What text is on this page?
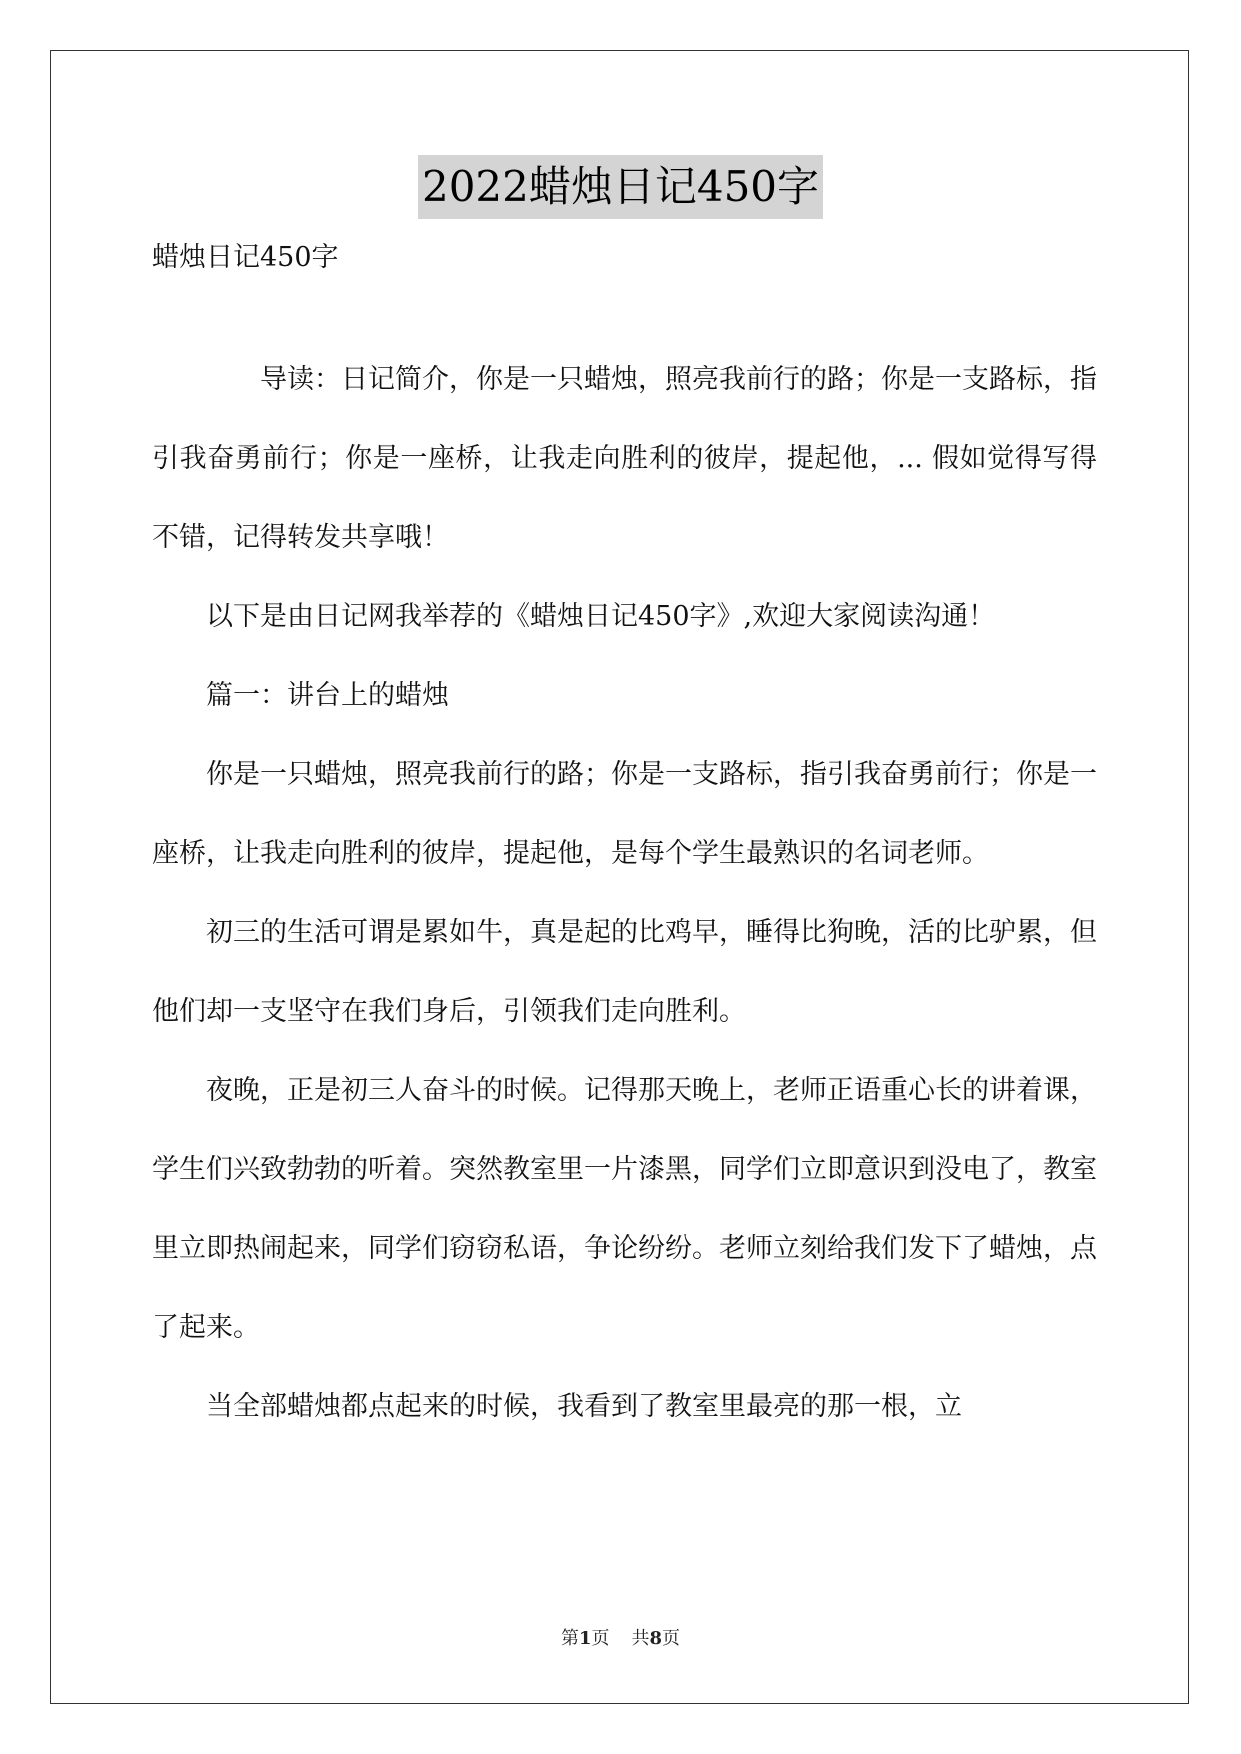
2022蜡烛日记450字
蜡烛日记450字

导读：日记简介，你是一只蜡烛，照亮我前行的路；你是一支路标，指引我奋勇前行；你是一座桥，让我走向胜利的彼岸，提起他，... 假如觉得写得不错，记得转发共享哦！

以下是由日记网我举荐的《蜡烛日记450字》,欢迎大家阅读沟通！

篇一：讲台上的蜡烛

你是一只蜡烛，照亮我前行的路；你是一支路标，指引我奋勇前行；你是一座桥，让我走向胜利的彼岸，提起他，是每个学生最熟识的名词老师。

初三的生活可谓是累如牛，真是起的比鸡早，睡得比狗晚，活的比驴累，但他们却一支坚守在我们身后，引领我们走向胜利。

夜晚，正是初三人奋斗的时候。记得那天晚上，老师正语重心长的讲着课，学生们兴致勃勃的听着。突然教室里一片漆黑，同学们立即意识到没电了，教室里立即热闹起来，同学们窃窃私语，争论纷纷。老师立刻给我们发下了蜡烛，点了起来。

当全部蜡烛都点起来的时候，我看到了教室里最亮的那一根，立

第1页 共8页
